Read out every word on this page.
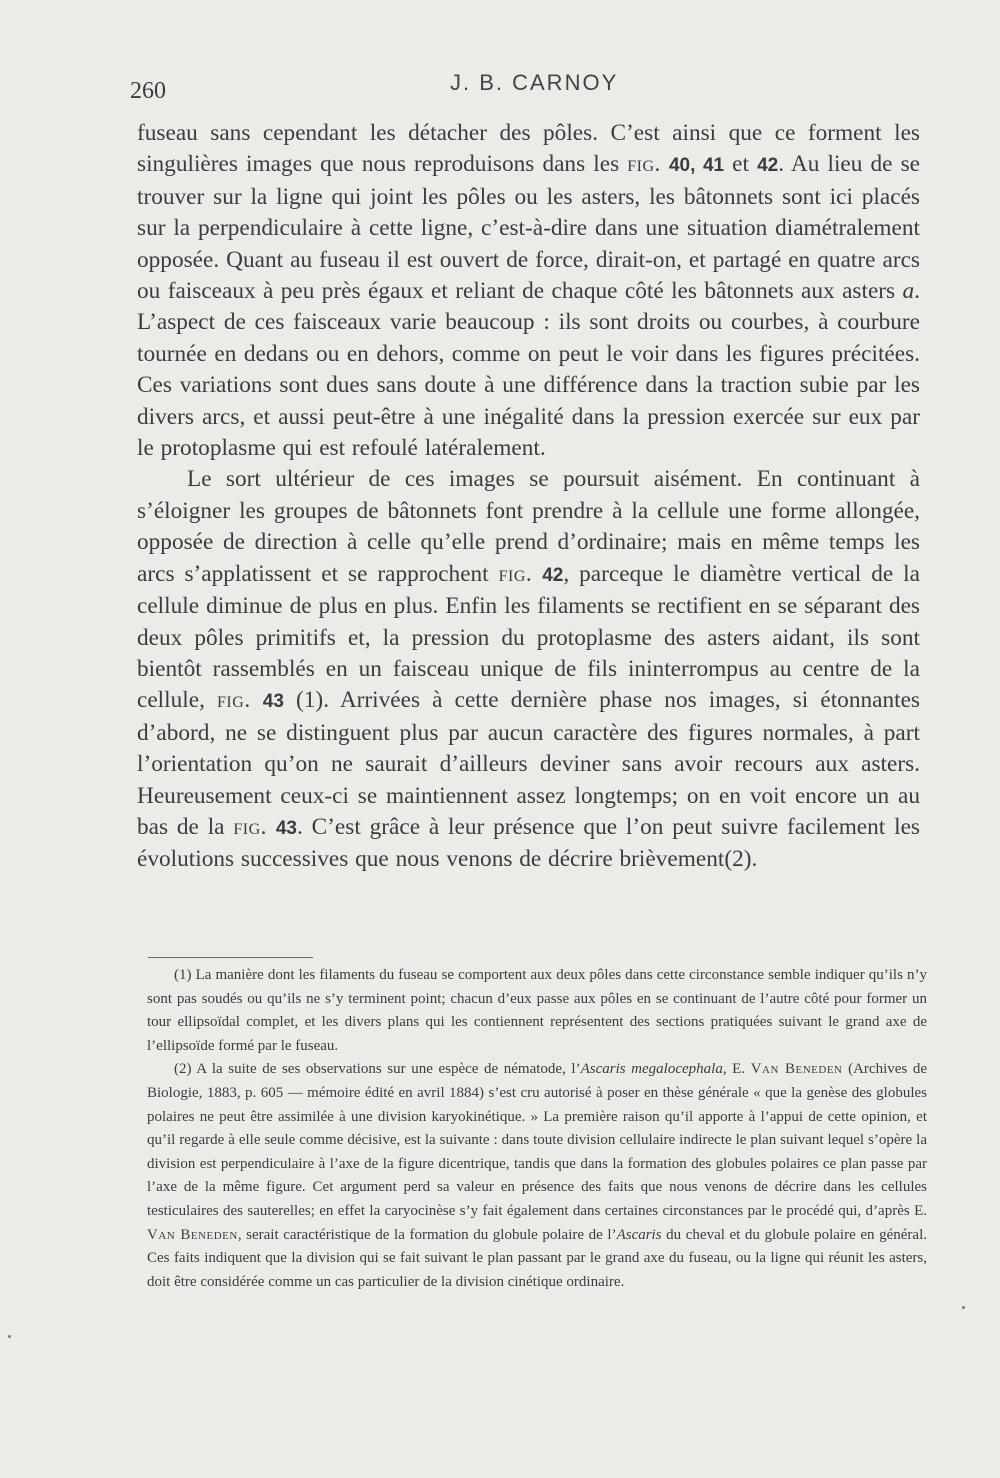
260	J. B. CARNOY

fuseau sans cependant les détacher des pôles. C’est ainsi que ce forment les singulières images que nous reproduisons dans les fig. 40, 41 et 42. Au lieu de se trouver sur la ligne qui joint les pôles ou les asters, les bâtonnets sont ici placés sur la perpendiculaire à cette ligne, c’est-à-dire dans une situation diamétralement opposée. Quant au fuseau il est ouvert de force, dirait-on, et partagé en quatre arcs ou faisceaux à peu près égaux et reliant de chaque côté les bâtonnets aux asters a. L’aspect de ces faisceaux varie beaucoup : ils sont droits ou courbes, à courbure tournée en dedans ou en dehors, comme on peut le voir dans les figures précitées. Ces variations sont dues sans doute à une différence dans la traction subie par les divers arcs, et aussi peut-être à une inégalité dans la pression exercée sur eux par le protoplasme qui est refoulé latéralement.

Le sort ultérieur de ces images se poursuit aisément. En continuant à s’éloigner les groupes de bâtonnets font prendre à la cellule une forme allongée, opposée de direction à celle qu’elle prend d’ordinaire; mais en même temps les arcs s’applatissent et se rapprochent fig. 42, parceque le diamètre vertical de la cellule diminue de plus en plus. Enfin les filaments se rectifient en se séparant des deux pôles primitifs et, la pression du protoplasme des asters aidant, ils sont bientôt rassemblés en un faisceau unique de fils ininterrompus au centre de la cellule, fig. 43 (1). Arrivées à cette dernière phase nos images, si étonnantes d’abord, ne se distinguent plus par aucun caractère des figures normales, à part l’orientation qu’on ne saurait d’ailleurs deviner sans avoir recours aux asters. Heureusement ceux-ci se maintiennent assez longtemps; on en voit encore un au bas de la fig. 43. C’est grâce à leur présence que l’on peut suivre facilement les évolutions successives que nous venons de décrire brièvement(2).

(1) La manière dont les filaments du fuseau se comportent aux deux pôles dans cette circonstance semble indiquer qu’ils n’y sont pas soudés ou qu’ils ne s’y terminent point; chacun d’eux passe aux pôles en se continuant de l’autre côté pour former un tour ellipsoïdal complet, et les divers plans qui les contiennent représentent des sections pratiquées suivant le grand axe de l’ellipsoïde formé par le fuseau.

(2) A la suite de ses observations sur une espèce de nématode, l’Ascaris megalocephala, E. Van Beneden (Archives de Biologie, 1883, p. 605 — mémoire édité en avril 1884) s’est cru autorisé à poser en thèse générale « que la genèse des globules polaires ne peut être assimilée à une division karyokinétique. » La première raison qu’il apporte à l’appui de cette opinion, et qu’il regarde à elle seule comme décisive, est la suivante : dans toute division cellulaire indirecte le plan suivant lequel s’opère la division est perpendiculaire à l’axe de la figure dicentrique, tandis que dans la formation des globules polaires ce plan passe par l’axe de la même figure. Cet argument perd sa valeur en présence des faits que nous venons de décrire dans les cellules testiculaires des sauterelles; en effet la caryocinèse s’y fait également dans certaines circonstances par le procédé qui, d’après E. Van Beneden, serait caractéristique de la formation du globule polaire de l’Ascaris du cheval et du globule polaire en général. Ces faits indiquent que la division qui se fait suivant le plan passant par le grand axe du fuseau, ou la ligne qui réunit les asters, doit être considérée comme un cas particulier de la division cinétique ordinaire.
